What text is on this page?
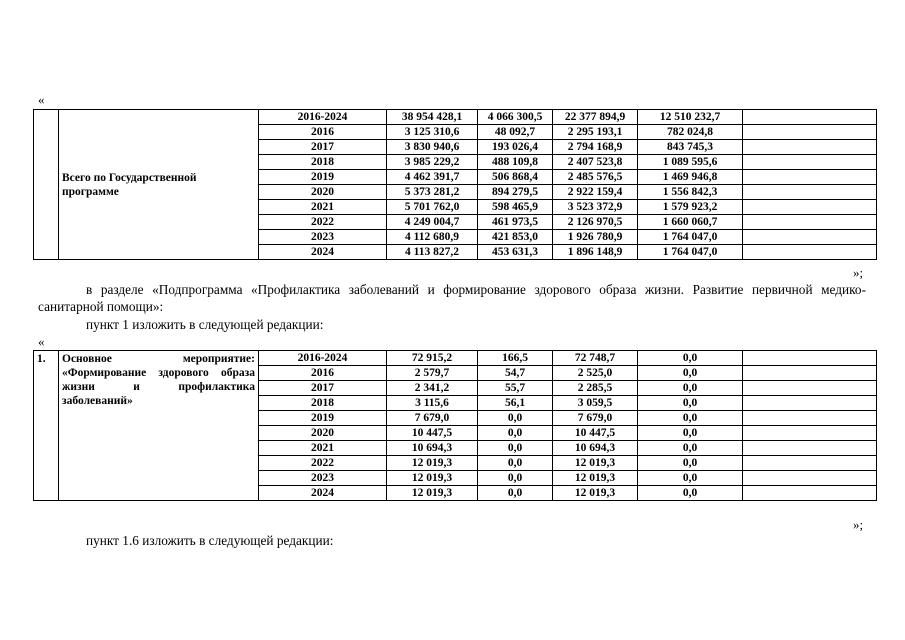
«
	Всего по Государственной программе	2016-2024	38 954 428,1	4 066 300,5	22 377 894,9	12 510 232,7	
		2016	3 125 310,6	48 092,7	2 295 193,1	782 024,8	
		2017	3 830 940,6	193 026,4	2 794 168,9	843 745,3	
		2018	3 985 229,2	488 109,8	2 407 523,8	1 089 595,6	
		2019	4 462 391,7	506 868,4	2 485 576,5	1 469 946,8	
		2020	5 373 281,2	894 279,5	2 922 159,4	1 556 842,3	
		2021	5 701 762,0	598 465,9	3 523 372,9	1 579 923,2	
		2022	4 249 004,7	461 973,5	2 126 970,5	1 660 060,7	
		2023	4 112 680,9	421 853,0	1 926 780,9	1 764 047,0	
		2024	4 113 827,2	453 631,3	1 896 148,9	1 764 047,0	
»;
в разделе «Подпрограмма «Профилактика заболеваний и формирование здорового образа жизни. Развитие первичной медико-санитарной помощи»:
пункт 1 изложить в следующей редакции:
«
1.	Основное мероприятие: «Формирование здорового образа жизни и профилактика заболеваний»	2016-2024	72 915,2	166,5	72 748,7	0,0	
		2016	2 579,7	54,7	2 525,0	0,0	
		2017	2 341,2	55,7	2 285,5	0,0	
		2018	3 115,6	56,1	3 059,5	0,0	
		2019	7 679,0	0,0	7 679,0	0,0	
		2020	10 447,5	0,0	10 447,5	0,0	
		2021	10 694,3	0,0	10 694,3	0,0	
		2022	12 019,3	0,0	12 019,3	0,0	
		2023	12 019,3	0,0	12 019,3	0,0	
		2024	12 019,3	0,0	12 019,3	0,0	
»;
пункт 1.6 изложить в следующей редакции:
